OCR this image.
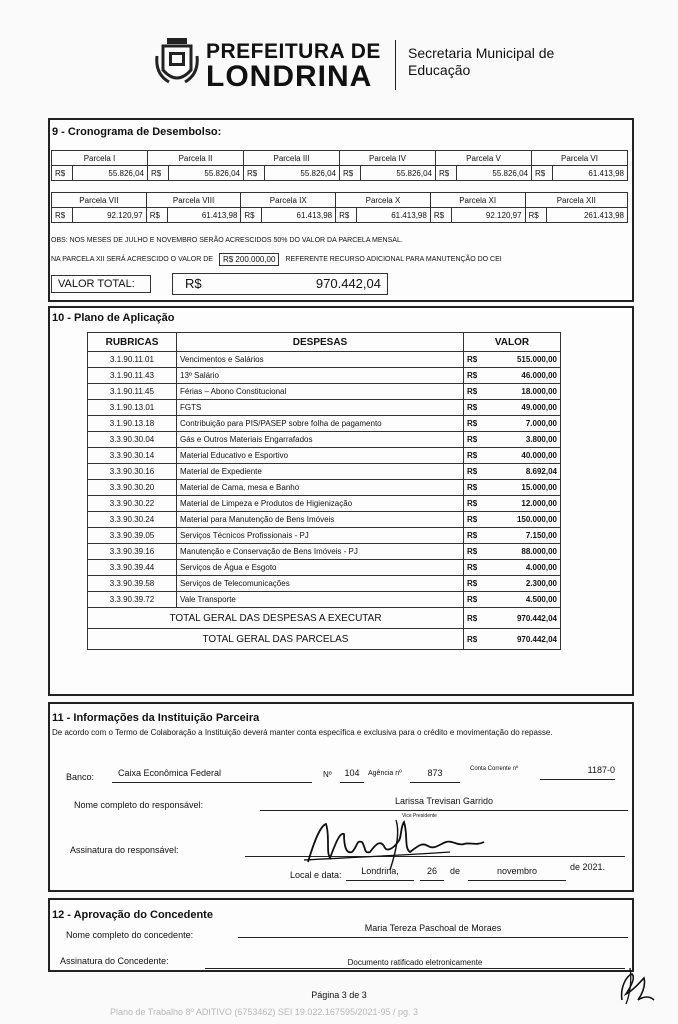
PREFEITURA DE
LONDRINA
Secretaria Municipal de
Educação
9 - Cronograma de Desembolso:
Parcela I		Parcela II		Parcela III		Parcela IV		Parcela V		Parcela VI	
R$	55.826,04	R$	55.826,04	R$	55.826,04	R$	55.826,04	R$	55.826,04	R$	61.413,98
Parcela VII		Parcela VIII		Parcela IX		Parcela X		Parcela XI		Parcela XII	
R$	92.120,97	R$	61.413,98	R$	61.413,98	R$	61.413,98	R$	92.120,97	R$	261.413,98
OBS: NOS MESES DE JULHO E NOVEMBRO SERÃO ACRESCIDOS 50% DO VALOR DA PARCELA MENSAL.
NA PARCELA XII SERÁ ACRESCIDO O VALOR DE	R$ 200.000,00	REFERENTE RECURSO ADICIONAL PARA MANUTENÇÃO DO CEI
VALOR TOTAL:	R$	970.442,04
10 - Plano de Aplicação
RUBRICAS	DESPESAS	VALOR	
3.1.90.11.01	Vencimentos e Salários	R$	515.000,00
3.1.90.11.43	13º Salário	R$	46.000,00
3.1.90.11.45	Férias – Abono Constitucional	R$	18.000,00
3.1.90.13.01	FGTS	R$	49.000,00
3.1.90.13.18	Contribuição para PIS/PASEP sobre folha de pagamento	R$	7.000,00
3.3.90.30.04	Gás e Outros Materiais Engarrafados	R$	3.800,00
3.3.90.30.14	Material Educativo e Esportivo	R$	40.000,00
3.3.90.30.16	Material de Expediente	R$	8.692,04
3.3.90.30.20	Material de Cama, mesa e Banho	R$	15.000,00
3.3.90.30.22	Material de Limpeza e Produtos de Higienização	R$	12.000,00
3.3.90.30.24	Material para Manutenção de Bens Imóveis	R$	150.000,00
3.3.90.39.05	Serviços Técnicos Profissionais - PJ	R$	7.150,00
3.3.90.39.16	Manutenção e Conservação de Bens Imóveis - PJ	R$	88.000,00
3.3.90.39.44	Serviços de Água e Esgoto	R$	4.000,00
3.3.90.39.58	Serviços de Telecomunicações	R$	2.300,00
3.3.90.39.72	Vale Transporte	R$	4.500,00
TOTAL GERAL DAS DESPESAS A EXECUTAR		R$	970.442,04
TOTAL GERAL DAS PARCELAS		R$	970.442,04
11 - Informações da Instituição Parceira
De acordo com o Termo de Colaboração a Instituição deverá manter conta específica e exclusiva para o crédito e movimentação do repasse.
Banco:	Caixa Econômica Federal	Nº	104	Agência nº	873	Conta Corrente nº	1187-0
Nome completo do responsável:	Larissa Trevisan Garrido
Vice Presidente
Assinatura do responsável:
Local e data:	Londrina,	26	de	novembro	de 2021.
12 - Aprovação do Concedente
Nome completo do concedente:
Maria Tereza Paschoal de Moraes
Assinatura do Concedente:	Documento ratificado eletronicamente
Página 3 de 3
Plano de Trabalho 8º ADITIVO (6753462) SEI 19.022.167595/2021-95 / pg. 3
